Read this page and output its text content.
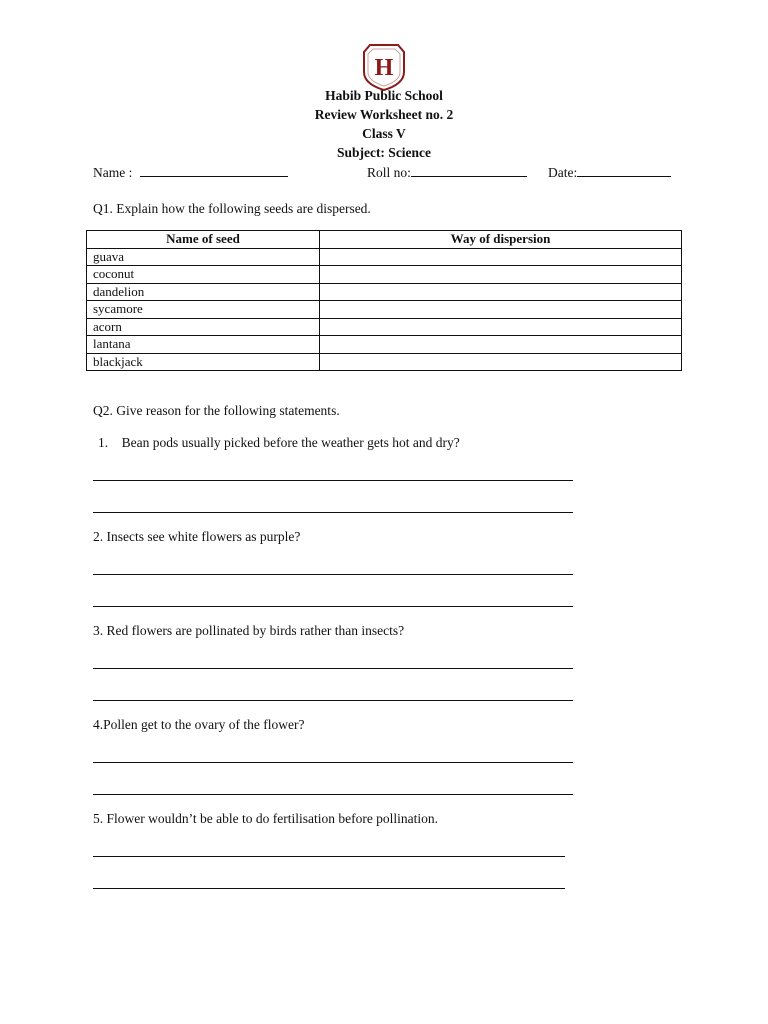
H
Habib Public School
Review Worksheet no. 2
Class V
Subject: Science
Name :	Roll no:	Date:
Q1. Explain how the following seeds are dispersed.
Name of seed	Way of dispersion
guava	
coconut	
dandelion	
sycamore	
acorn	
lantana	
blackjack	
Q2. Give reason for the following statements.
1.    Bean pods usually picked before the weather gets hot and dry?
2. Insects see white flowers as purple?
3. Red flowers are pollinated by birds rather than insects?
4.Pollen get to the ovary of the flower?
5. Flower wouldn’t be able to do fertilisation before pollination.
